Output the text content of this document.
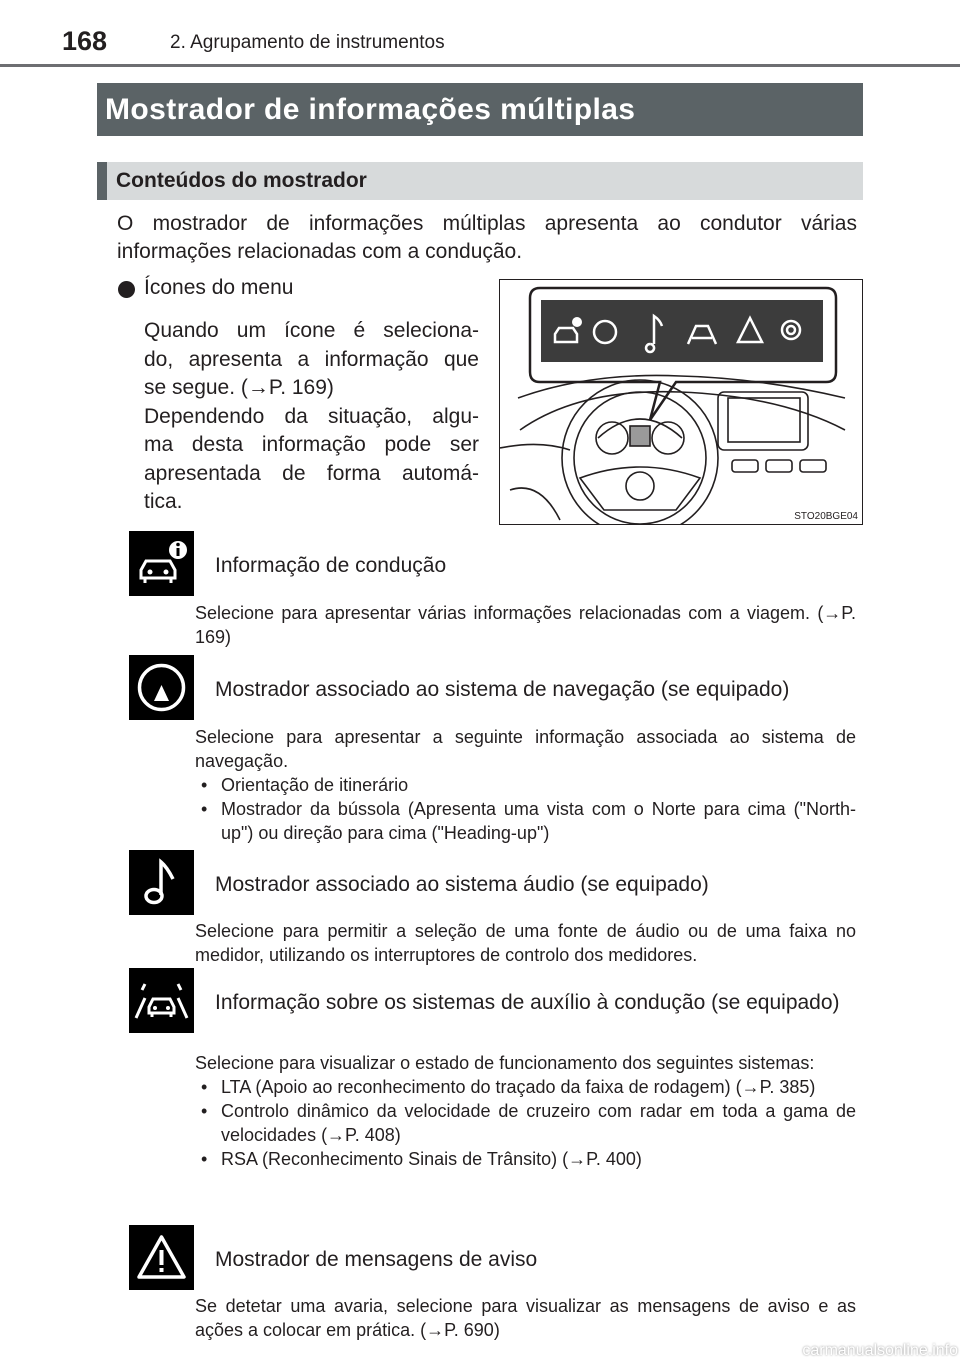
168	2. Agrupamento de instrumentos
Mostrador de informações múltiplas
Conteúdos do mostrador
O mostrador de informações múltiplas apresenta ao condutor várias informações relacionadas com a condução.
Ícones do menu
Quando um ícone é seleciona-
do, apresenta a informação que
se segue. (→P. 169)
Dependendo da situação, algu-
ma desta informação pode ser
apresentada de forma automá-
tica.
STO20BGE04
Informação de condução
Selecione para apresentar várias informações relacionadas com a viagem. (→P. 169)
Mostrador associado ao sistema de navegação (se equipado)
Selecione para apresentar a seguinte informação associada ao sistema de navegação.
• Orientação de itinerário
• Mostrador da bússola (Apresenta uma vista com o Norte para cima ("North-up") ou direção para cima ("Heading-up")
Mostrador associado ao sistema áudio (se equipado)
Selecione para permitir a seleção de uma fonte de áudio ou de uma faixa no medidor, utilizando os interruptores de controlo dos medidores.
Informação sobre os sistemas de auxílio à condução (se equipado)
Selecione para visualizar o estado de funcionamento dos seguintes sistemas:
• LTA (Apoio ao reconhecimento do traçado da faixa de rodagem) (→P. 385)
• Controlo dinâmico da velocidade de cruzeiro com radar em toda a gama de velocidades (→P. 408)
• RSA (Reconhecimento Sinais de Trânsito) (→P. 400)
Mostrador de mensagens de aviso
Se detetar uma avaria, selecione para visualizar as mensagens de aviso e as ações a colocar em prática. (→P. 690)
carmanualsonline.info
